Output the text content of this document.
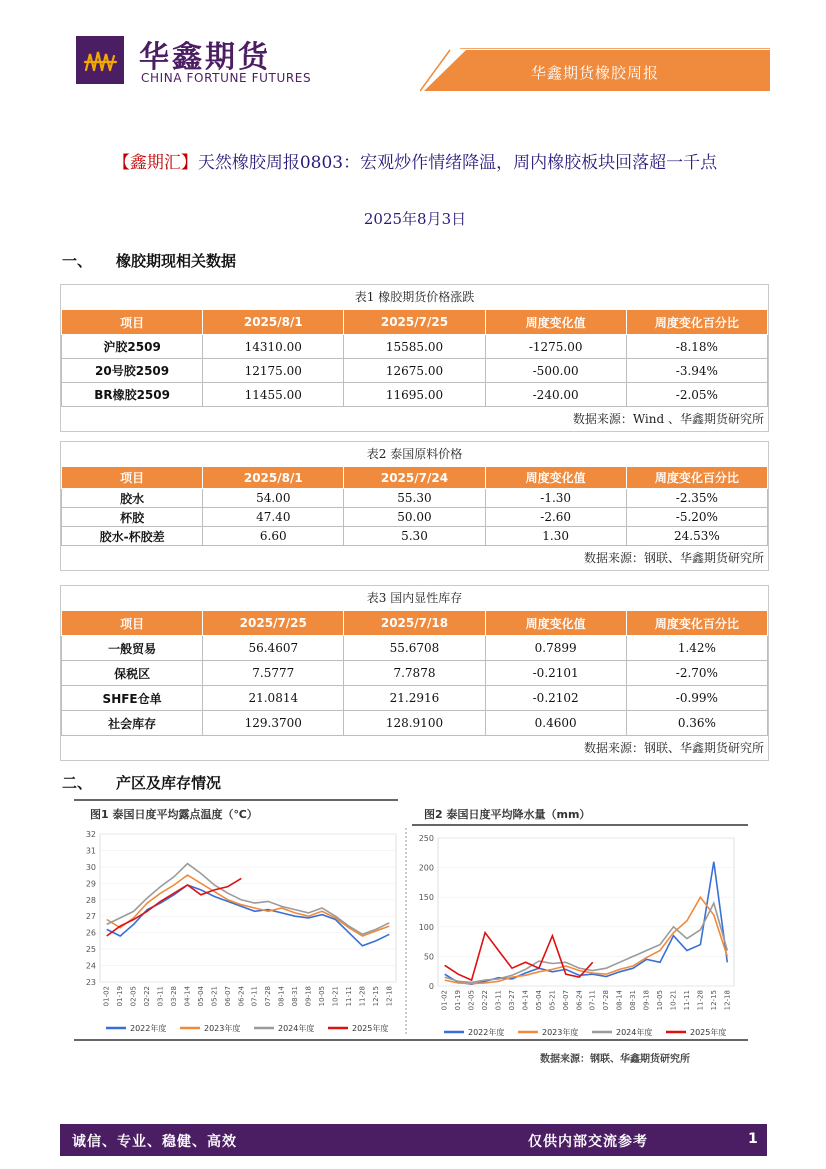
华鑫期货
CHINA FORTUNE FUTURES	华鑫期货橡胶周报
【鑫期汇】天然橡胶周报0803：宏观炒作情绪降温，周内橡胶板块回落超一千点
2025年8月3日
一、 橡胶期现相关数据
表1 橡胶期货价格涨跌
项目	2025/8/1	2025/7/25	周度变化值	周度变化百分比
沪胶2509	14310.00	15585.00	-1275.00	-8.18%
20号胶2509	12175.00	12675.00	-500.00	-3.94%
BR橡胶2509	11455.00	11695.00	-240.00	-2.05%
数据来源：Wind 、华鑫期货研究所
表2 泰国原料价格
项目	2025/8/1	2025/7/24	周度变化值	周度变化百分比
胶水	54.00	55.30	-1.30	-2.35%
杯胶	47.40	50.00	-2.60	-5.20%
胶水-杯胶差	6.60	5.30	1.30	24.53%
数据来源：钢联、华鑫期货研究所
表3 国内显性库存
项目	2025/7/25	2025/7/18	周度变化值	周度变化百分比
一般贸易	56.4607	55.6708	0.7899	1.42%
保税区	7.5777	7.7878	-0.2101	-2.70%
SHFE仓单	21.0814	21.2916	-0.2102	-0.99%
社会库存	129.3700	128.9100	0.4600	0.36%
数据来源：钢联、华鑫期货研究所
二、 产区及库存情况
图1 泰国日度平均露点温度（℃）	图2 泰国日度平均降水量（mm）
32
31
30
29
28
27
26
25
24
23
01-02 01-19 02-05 02-22 03-11 03-28 04-14 05-04 05-21 06-07 06-24 07-11 07-28 08-14 08-31 09-18 10-05 10-21 11-11 11-28 12-15 12-18
2022年度	2023年度	2024年度	2025年度
250
200
150
100
50
0
01-02 01-19 02-05 02-22 03-11 03-27 04-14 05-04 05-21 06-07 06-24 07-11 07-28 08-14 08-31 09-18 10-05 10-21 11-11 11-28 12-15 12-18
2022年度	2023年度	2024年度	2025年度
数据来源：钢联、华鑫期货研究所
诚信、专业、稳健、高效	仅供内部交流参考	1
